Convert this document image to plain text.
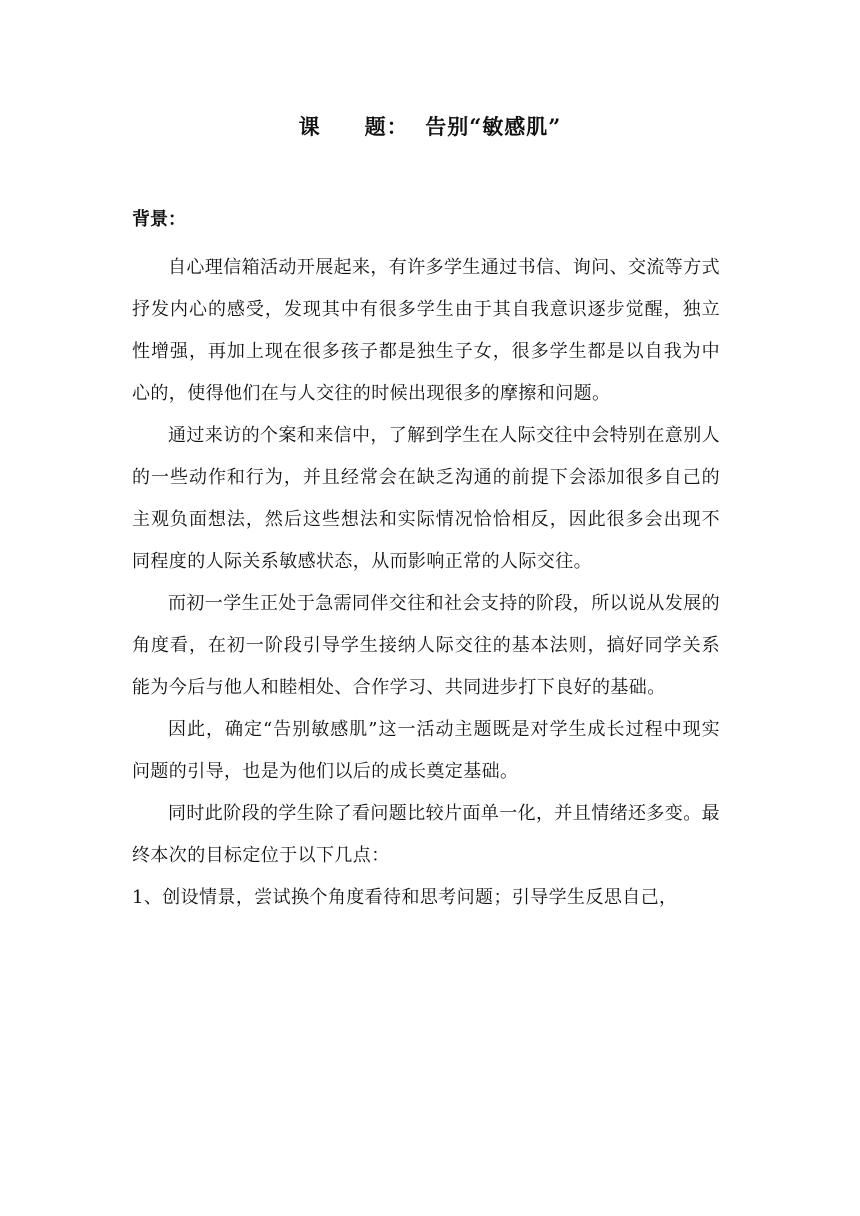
课　　题：  告别“敏感肌”
背景：

自心理信箱活动开展起来，有许多学生通过书信、询问、交流等方式抒发内心的感受，发现其中有很多学生由于其自我意识逐步觉醒，独立性增强，再加上现在很多孩子都是独生子女，很多学生都是以自我为中心的，使得他们在与人交往的时候出现很多的摩擦和问题。

通过来访的个案和来信中，了解到学生在人际交往中会特别在意别人的一些动作和行为，并且经常会在缺乏沟通的前提下会添加很多自己的主观负面想法，然后这些想法和实际情况恰恰相反，因此很多会出现不同程度的人际关系敏感状态，从而影响正常的人际交往。

而初一学生正处于急需同伴交往和社会支持的阶段，所以说从发展的角度看，在初一阶段引导学生接纳人际交往的基本法则，搞好同学关系能为今后与他人和睦相处、合作学习、共同进步打下良好的基础。

因此，确定“告别敏感肌”这一活动主题既是对学生成长过程中现实问题的引导，也是为他们以后的成长奠定基础。

同时此阶段的学生除了看问题比较片面单一化，并且情绪还多变。最终本次的目标定位于以下几点：

1、创设情景，尝试换个角度看待和思考问题；引导学生反思自己，
